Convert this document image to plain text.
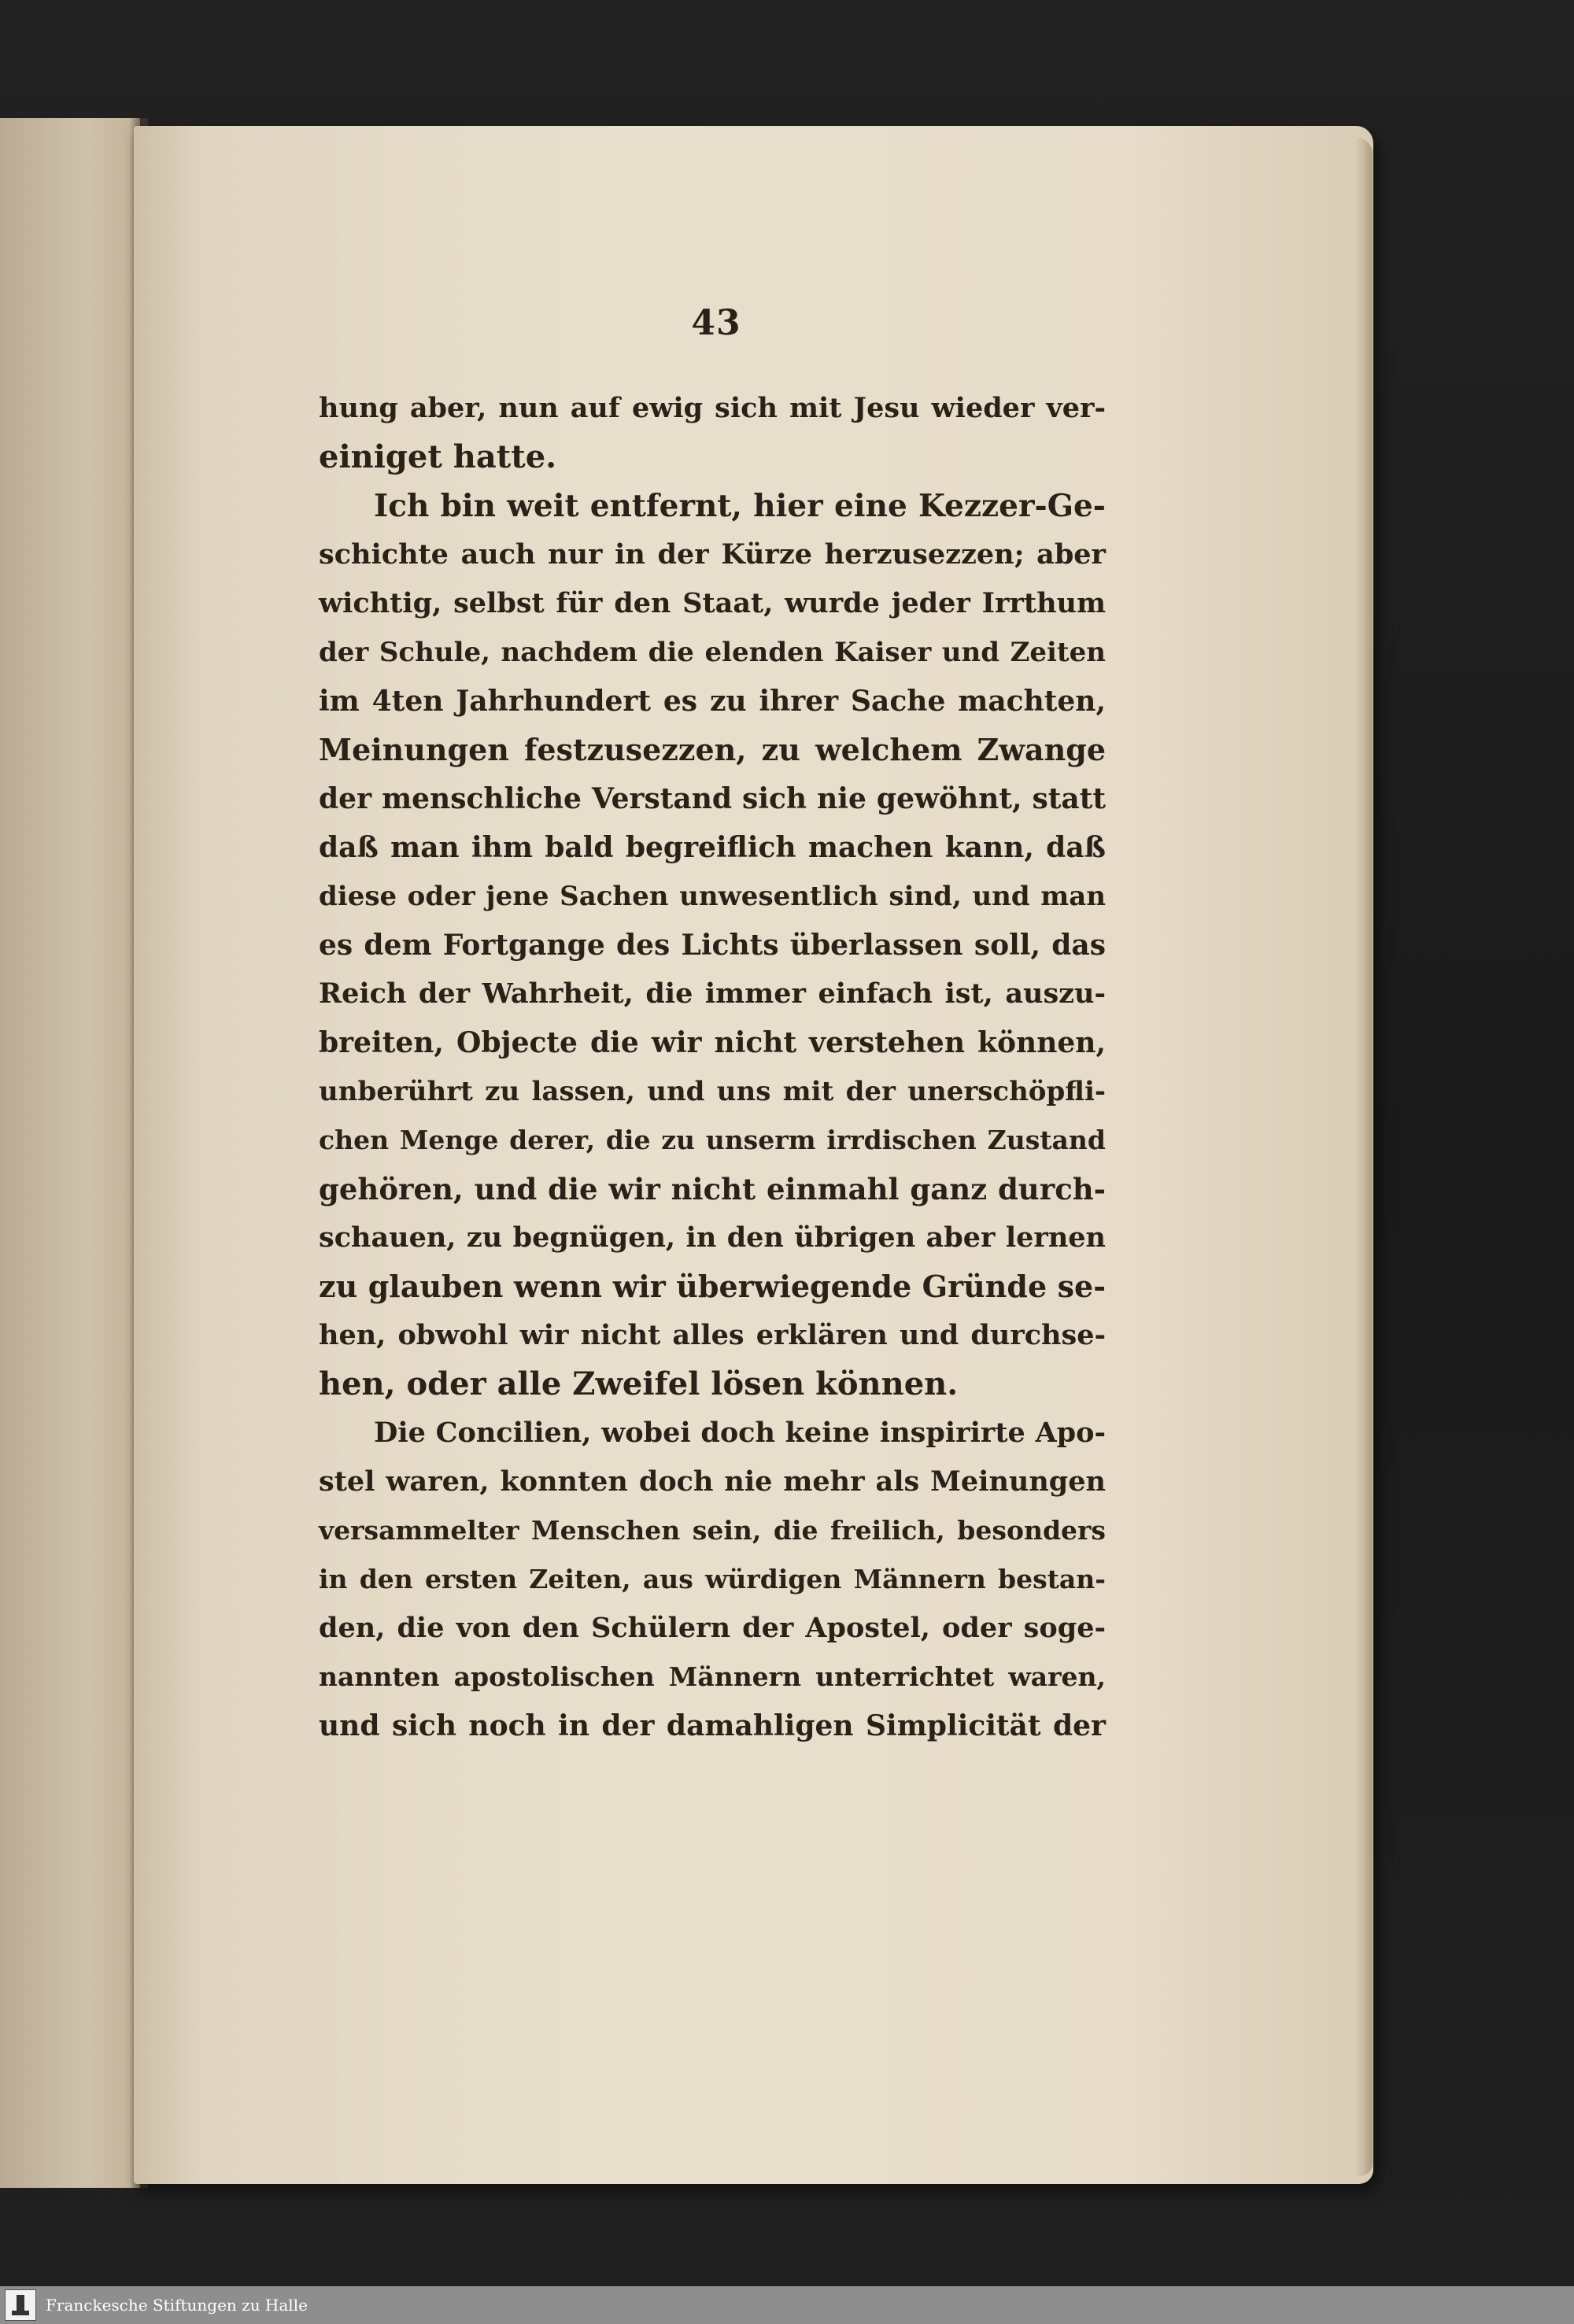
43
hung aber, nun auf ewig sich mit Jesu wieder ver-
einiget hatte.
Ich bin weit entfernt, hier eine Kezzer-Ge-
schichte auch nur in der Kürze herzusezzen; aber
wichtig, selbst für den Staat, wurde jeder Irrthum
der Schule, nachdem die elenden Kaiser und Zeiten
im 4ten Jahrhundert es zu ihrer Sache machten,
Meinungen festzusezzen, zu welchem Zwange
der menschliche Verstand sich nie gewöhnt, statt
daß man ihm bald begreiflich machen kann, daß
diese oder jene Sachen unwesentlich sind, und man
es dem Fortgange des Lichts überlassen soll, das
Reich der Wahrheit, die immer einfach ist, auszu-
breiten, Objecte die wir nicht verstehen können,
unberührt zu lassen, und uns mit der unerschöpfli-
chen Menge derer, die zu unserm irrdischen Zustand
gehören, und die wir nicht einmahl ganz durch-
schauen, zu begnügen, in den übrigen aber lernen
zu glauben wenn wir überwiegende Gründe se-
hen, obwohl wir nicht alles erklären und durchse-
hen, oder alle Zweifel lösen können.
Die Concilien, wobei doch keine inspirirte Apo-
stel waren, konnten doch nie mehr als Meinungen
versammelter Menschen sein, die freilich, besonders
in den ersten Zeiten, aus würdigen Männern bestan-
den, die von den Schülern der Apostel, oder soge-
nannten apostolischen Männern unterrichtet waren,
und sich noch in der damahligen Simplicität der
Franckesche Stiftungen zu Halle
